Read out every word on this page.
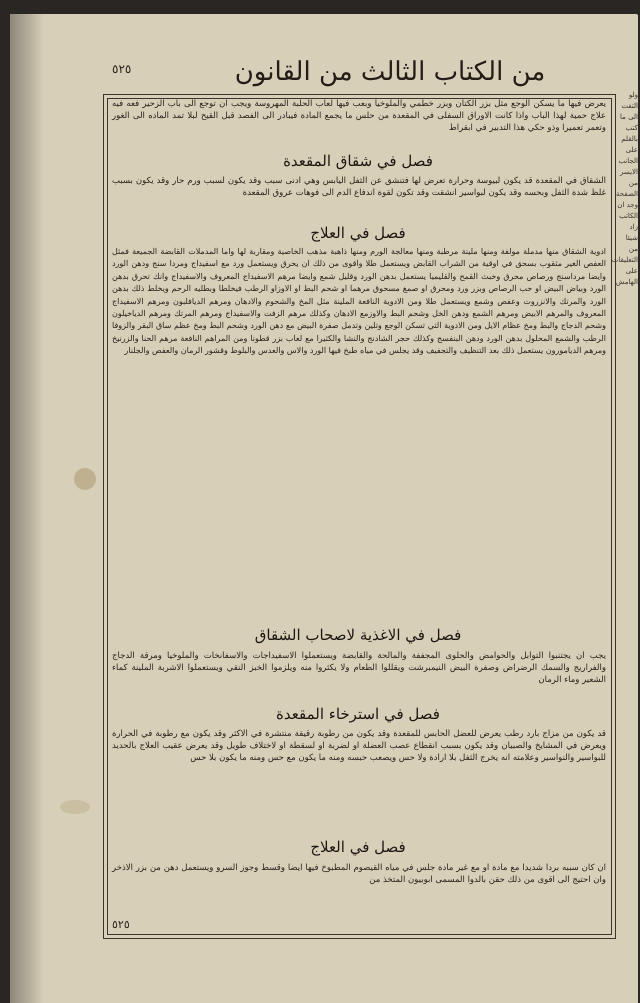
من الكتاب الثالث من القانون
٥٢٥
يعرض فيها ما يسكن الوجع مثل بزر الكتان وبزر خطمي والملوخيا وبعب فيها لعاب الحلبة المهروسة ويجب ان توجع الى باب الزحير فعه فيه علاج حمية لهذا الباب واذا كانت الاوراق السفلى في المقعدة من حلس ما يجمع المادة فيبادر الى الفصد قبل القيح لبلا تمد الماده الى الغور وتعمر تعميرا وذو حكي هذا التدبير في ابقراط
فصل في شقاق المقعدة
الشقاق في المقعدة قد يكون لبيوسة وحرارة تعرض لها فتنشق عن الثفل اليابس وهي ادنى سبب وقد يكون لسبب ورم حار وقد يكون بسبب غلظ شدة الثفل وبحسه وقد يكون لبواسير انشقت وقد تكون لقوة اندفاع الدم الى فوهات عروق المقعدة
فصل في العلاج
ادوية الشقاق منها مدملة مولفة ومنها ملينة مرطبة ومنها معالجة الورم ومنها ذاهبة مذهب الخاصية ومقاربة لها واما المدملات القابضة الجميعة فمثل العفص الغير مثقوب بسحق في اوقية من الشراب القابض ويستعمل طلا واقوى من ذلك ان يحرق ويستعمل ورد مع اسفيداج ومردا سنج ودهن الورد وايضا مرداسنج ورصاص محرق وخبث القمح والقليميا يستعمل بدهن الورد وقليل شمع وايضا مرهم الاسفيداج المعروف والاسفيداج وانك تحرق بدهن الورد وبياض البيض او حب الرصاص وبزر ورد ومحرق او صمغ مسحوق مرهما او شحم البط او الاوزاو الرطب فيخلطا وبطليه الرحم ويخلط ذلك بدهن الورد والمرتك والانزروت وعفص وشمع ويستعمل طلا ومن الادوية النافعة الملينة مثل المخ والشحوم والادهان ومرهم الديافلبون ومرهم الاسفيداج المعروف والمرهم الابيض ومرهم الشمع ودهن الخل وشحم البط والاوزمع الادهان وكذلك مرهم الزفت والاسفيداج ومرهم المرتك ومرهم الدياخيلون وشحم الدجاج والبط ومخ عظام الايل ومن الادوية التي تسكن الوجع وتلين وتدمل صفرة البيض مع دهن الورد وشحم البط ومخ عظم ساق البقر والزوفا الرطب والشمع المحلول بدهن الورد ودهن البنفسج وكذلك حجر الشادنج والنشا والكثيرا مع لعاب بزر قطونا ومن المراهم النافعة مرهم الحنا والزرنيخ ومرهم الديامورون يستعمل ذلك بعد التنظيف والتجفيف وقد يجلس في مياه طبخ فيها الورد والاس والعدس والبلوط وقشور الرمان والعفص والجلنار
فصل في الاغذية لاصحاب الشقاق
يجب ان يجتنبوا التوابل والحوامض والحلوى المجففة والمالحة والقابضة ويستعملوا الاسفيداجات والاسفانخات والملوخيا ومرقة الدجاج والفراريج والسمك الرضراض وصفرة البيض النيمبرشت ويقللوا الطعام ولا يكثروا منه ويلزموا الخبز النقي ويستعملوا الاشربة الملينة كماء الشعير وماء الرمان
فصل في استرخاء المقعدة
قد يكون من مزاج بارد رطب يعرض للعضل الحابس للمقعدة وقد يكون من رطوبة رقيقة منتشرة في الاكثر وقد يكون مع رطوبة في الحرارة ويعرض في المشايخ والصبيان وقد يكون بسبب انقطاع عصب العضلة او لضربة او لسقطة او لاختلاف طويل وقد يعرض عقيب العلاج بالحديد للبواسير والنواسير وعلامته انه يخرج الثفل بلا ارادة ولا حس ويصعب حبسه ومنه ما يكون مع حس ومنه ما يكون بلا حس
فصل في العلاج
ان كان سببه بردا شديدا مع مادة او مع غير مادة جلس في مياه القيصوم المطبوخ فيها ايضا وقسط وجوز السرو ويستعمل دهن من بزر الاذخر وان احتيج الى اقوى من ذلك حقن بالدوا المسمى ابوبيون المتخذ من
٥٢٥
ولو التفت الى ما كتب بالقلم على الجانب الايسر من الصفحة وجد ان الكاتب زاد شيئا من التعليقات على الهامش
